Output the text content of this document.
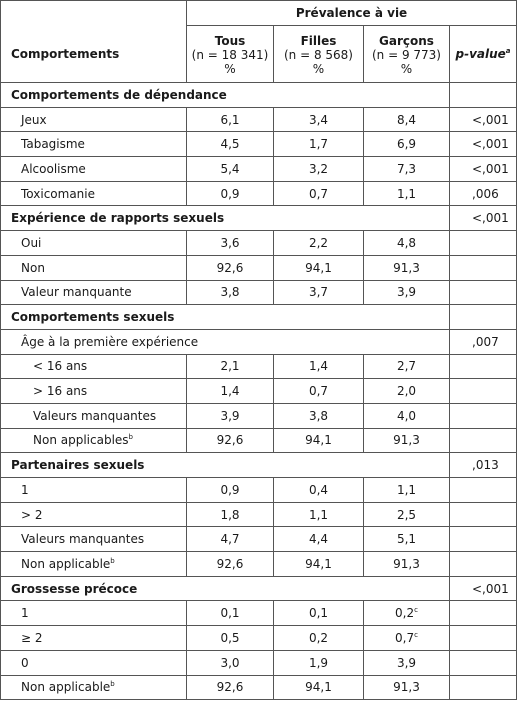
	Prévalence à vie			
Comportements	Tous
(n = 18 341)
%	Filles
(n = 8 568)
%	Garçons
(n = 9 773)
%	p-value$^a$
Comportements de dépendance				
Jeux	6,1	3,4	8,4	<,001
Tabagisme	4,5	1,7	6,9	<,001
Alcoolisme	5,4	3,2	7,3	<,001
Toxicomanie	0,9	0,7	1,1	,006
Expérience de rapports sexuels				<,001
Oui	3,6	2,2	4,8	
Non	92,6	94,1	91,3	
Valeur manquante	3,8	3,7	3,9	
Comportements sexuels				
Âge à la première expérience				,007
< 16 ans	2,1	1,4	2,7	
> 16 ans	1,4	0,7	2,0	
Valeurs manquantes	3,9	3,8	4,0	
Non applicables$^b$	92,6	94,1	91,3	
Partenaires sexuels				,013
1	0,9	0,4	1,1	
> 2	1,8	1,1	2,5	
Valeurs manquantes	4,7	4,4	5,1	
Non applicable$^b$	92,6	94,1	91,3	
Grossesse précoce				<,001
1	0,1	0,1	0,2$^c$	
≥ 2	0,5	0,2	0,7$^c$	
0	3,0	1,9	3,9	
Non applicable$^b$	92,6	94,1	91,3	
